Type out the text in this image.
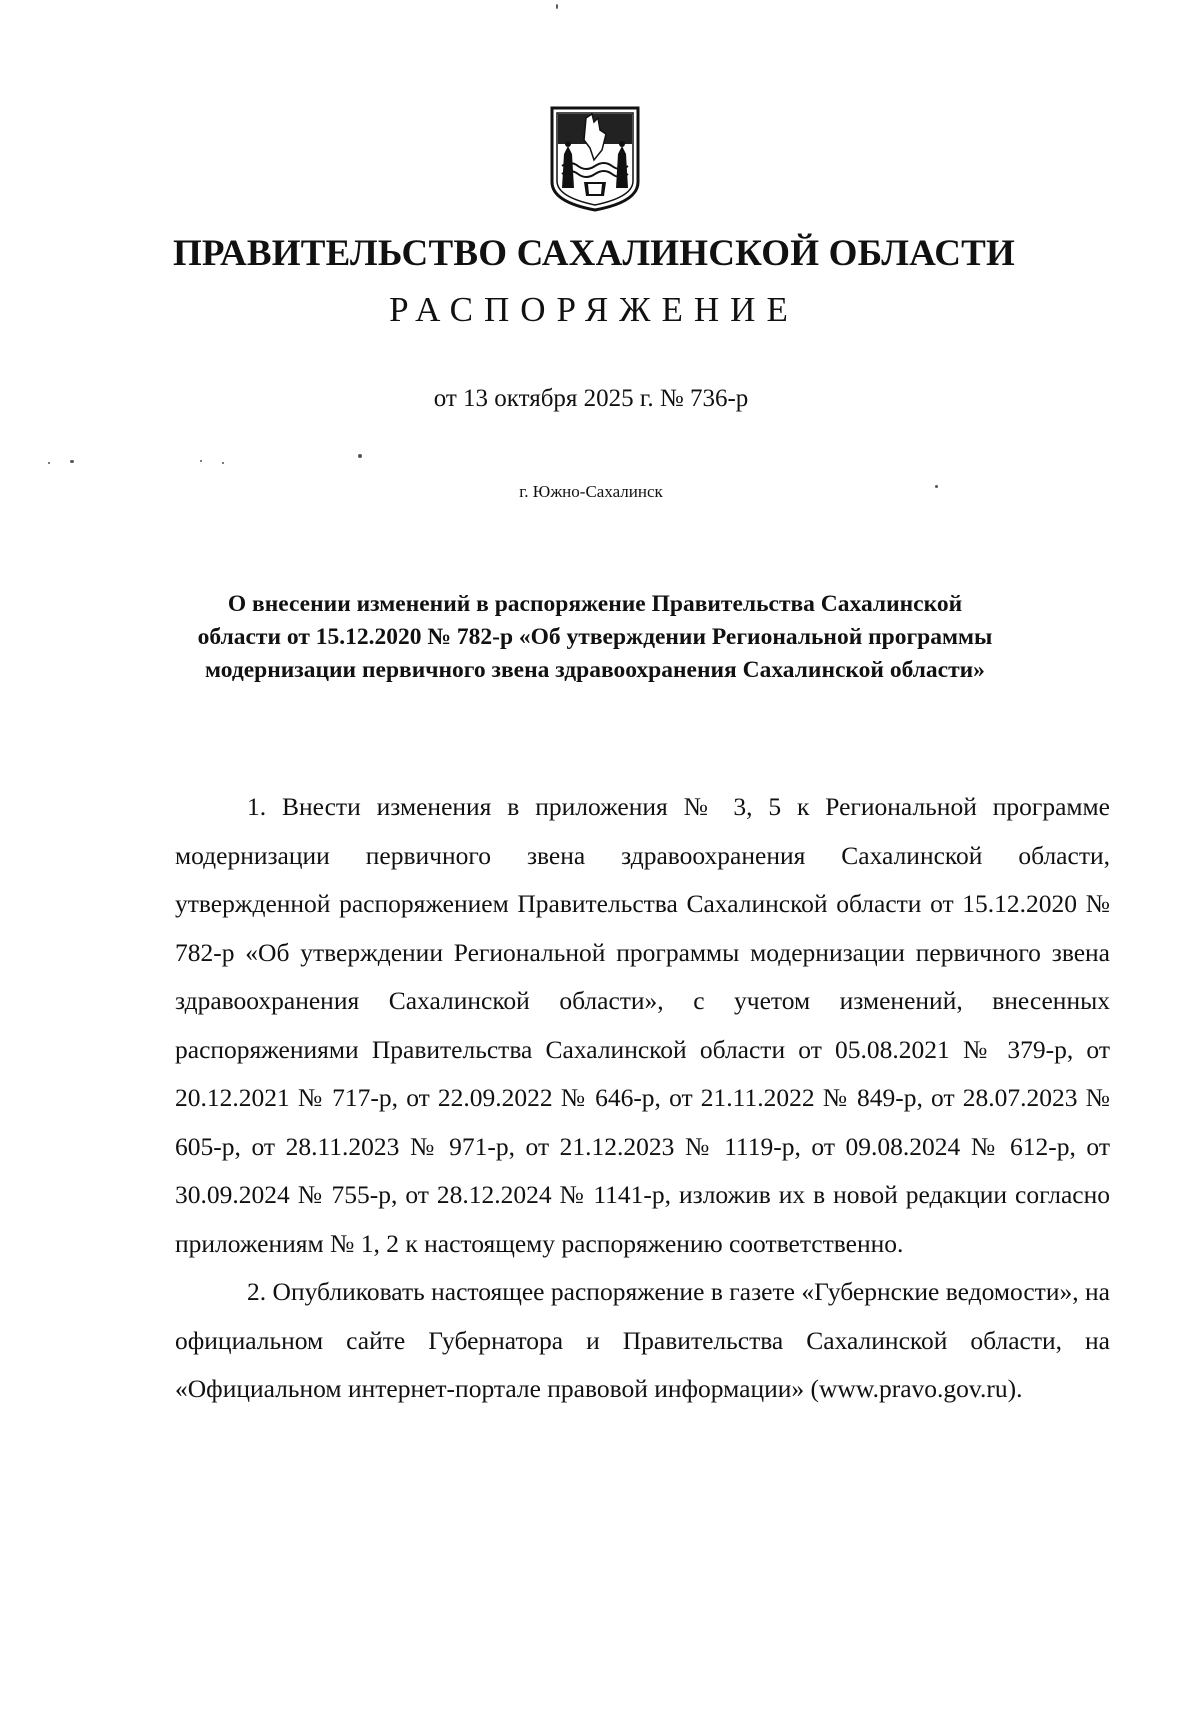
ПРАВИТЕЛЬСТВО САХАЛИНСКОЙ ОБЛАСТИ
РАСПОРЯЖЕНИЕ
от 13 октября 2025 г. № 736-р
г. Южно-Сахалинск
О внесении изменений в распоряжение Правительства Сахалинской области от 15.12.2020 № 782-р «Об утверждении Региональной программы модернизации первичного звена здравоохранения Сахалинской области»

1. Внести изменения в приложения № 3, 5 к Региональной программе модернизации первичного звена здравоохранения Сахалинской области, утвержденной распоряжением Правительства Сахалинской области от 15.12.2020 № 782-р «Об утверждении Региональной программы модернизации первичного звена здравоохранения Сахалинской области», с учетом изменений, внесенных распоряжениями Правительства Сахалинской области от 05.08.2021 № 379-р, от 20.12.2021 № 717-р, от 22.09.2022 № 646-р, от 21.11.2022 № 849-р, от 28.07.2023 № 605-р, от 28.11.2023 № 971-р, от 21.12.2023 № 1119-р, от 09.08.2024 № 612-р, от 30.09.2024 № 755-р, от 28.12.2024 № 1141-р, изложив их в новой редакции согласно приложениям № 1, 2 к настоящему распоряжению соответственно.

2. Опубликовать настоящее распоряжение в газете «Губернские ведомости», на официальном сайте Губернатора и Правительства Сахалинской области, на «Официальном интернет-портале правовой информации» (www.pravo.gov.ru).
